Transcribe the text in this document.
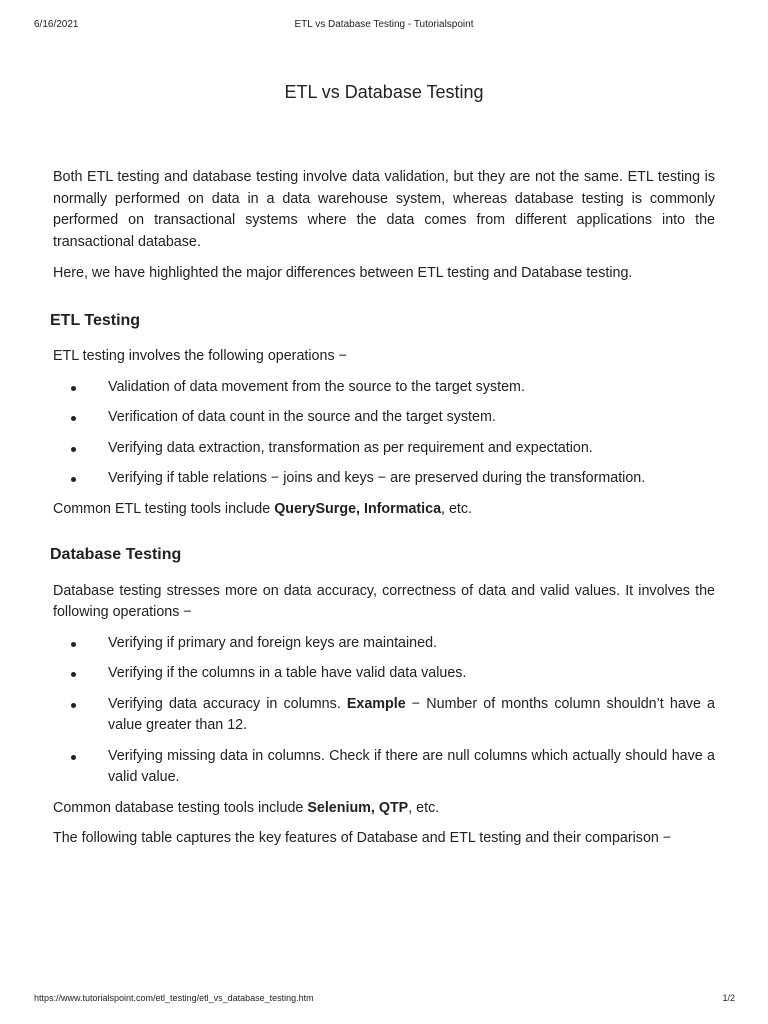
6/16/2021	ETL vs Database Testing - Tutorialspoint
ETL vs Database Testing

Both ETL testing and database testing involve data validation, but they are not the same. ETL testing is normally performed on data in a data warehouse system, whereas database testing is commonly performed on transactional systems where the data comes from different applications into the transactional database.

Here, we have highlighted the major differences between ETL testing and Database testing.

ETL Testing

ETL testing involves the following operations −

Validation of data movement from the source to the target system.
Verification of data count in the source and the target system.
Verifying data extraction, transformation as per requirement and expectation.
Verifying if table relations − joins and keys − are preserved during the transformation.

Common ETL testing tools include QuerySurge, Informatica, etc.

Database Testing

Database testing stresses more on data accuracy, correctness of data and valid values. It involves the following operations −

Verifying if primary and foreign keys are maintained.
Verifying if the columns in a table have valid data values.
Verifying data accuracy in columns. Example − Number of months column shouldn’t have a value greater than 12.
Verifying missing data in columns. Check if there are null columns which actually should have a valid value.

Common database testing tools include Selenium, QTP, etc.

The following table captures the key features of Database and ETL testing and their comparison −

https://www.tutorialspoint.com/etl_testing/etl_vs_database_testing.htm	1/2
